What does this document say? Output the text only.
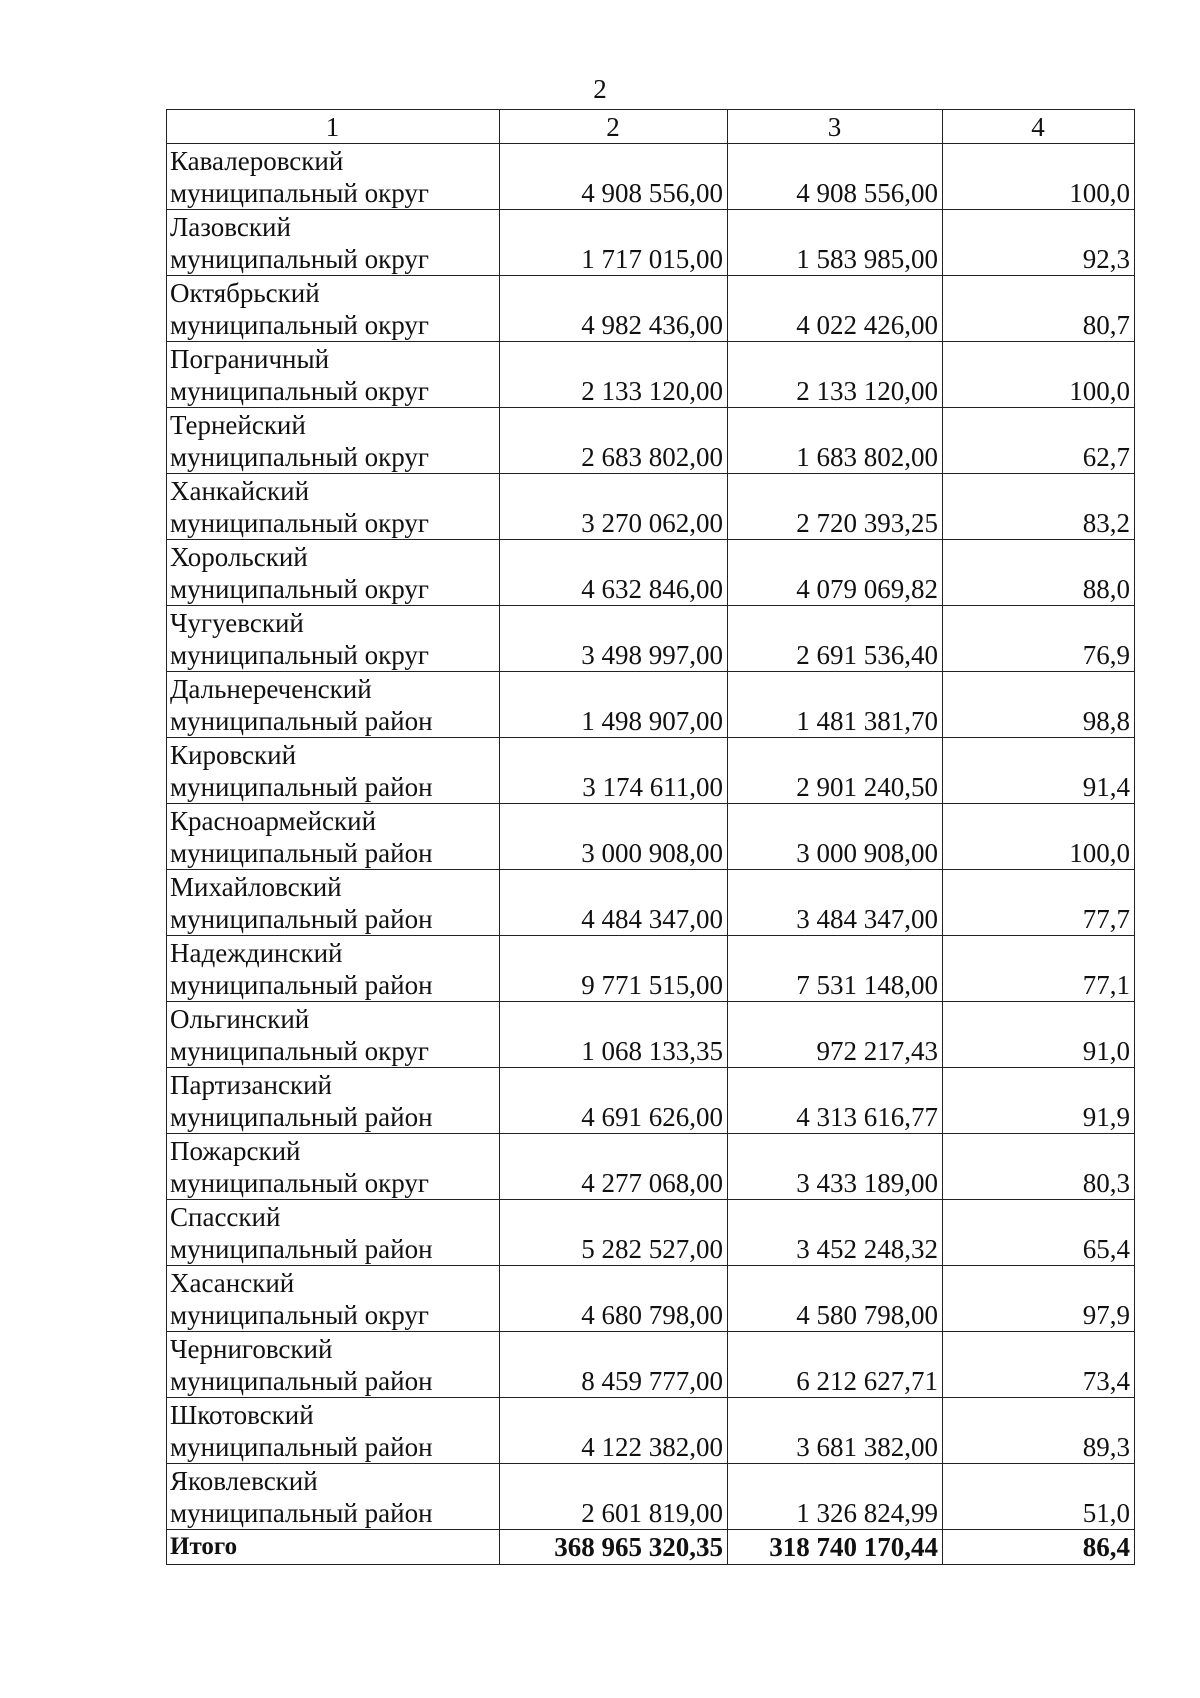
2
1	2	3	4

Кавалеровский
муниципальный округ	4 908 556,00	4 908 556,00	100,0

Лазовский
муниципальный округ	1 717 015,00	1 583 985,00	92,3

Октябрьский
муниципальный округ	4 982 436,00	4 022 426,00	80,7

Пограничный
муниципальный округ	2 133 120,00	2 133 120,00	100,0

Тернейский
муниципальный округ	2 683 802,00	1 683 802,00	62,7

Ханкайский
муниципальный округ	3 270 062,00	2 720 393,25	83,2

Хорольский
муниципальный округ	4 632 846,00	4 079 069,82	88,0

Чугуевский
муниципальный округ	3 498 997,00	2 691 536,40	76,9

Дальнереченский
муниципальный район	1 498 907,00	1 481 381,70	98,8

Кировский
муниципальный район	3 174 611,00	2 901 240,50	91,4

Красноармейский
муниципальный район	3 000 908,00	3 000 908,00	100,0

Михайловский
муниципальный район	4 484 347,00	3 484 347,00	77,7

Надеждинский
муниципальный район	9 771 515,00	7 531 148,00	77,1

Ольгинский
муниципальный округ	1 068 133,35	972 217,43	91,0

Партизанский
муниципальный район	4 691 626,00	4 313 616,77	91,9

Пожарский
муниципальный округ	4 277 068,00	3 433 189,00	80,3

Спасский
муниципальный район	5 282 527,00	3 452 248,32	65,4

Хасанский
муниципальный округ	4 680 798,00	4 580 798,00	97,9

Черниговский
муниципальный район	8 459 777,00	6 212 627,71	73,4

Шкотовский
муниципальный район	4 122 382,00	3 681 382,00	89,3

Яковлевский
муниципальный район	2 601 819,00	1 326 824,99	51,0
Итого	368 965 320,35	318 740 170,44	86,4
